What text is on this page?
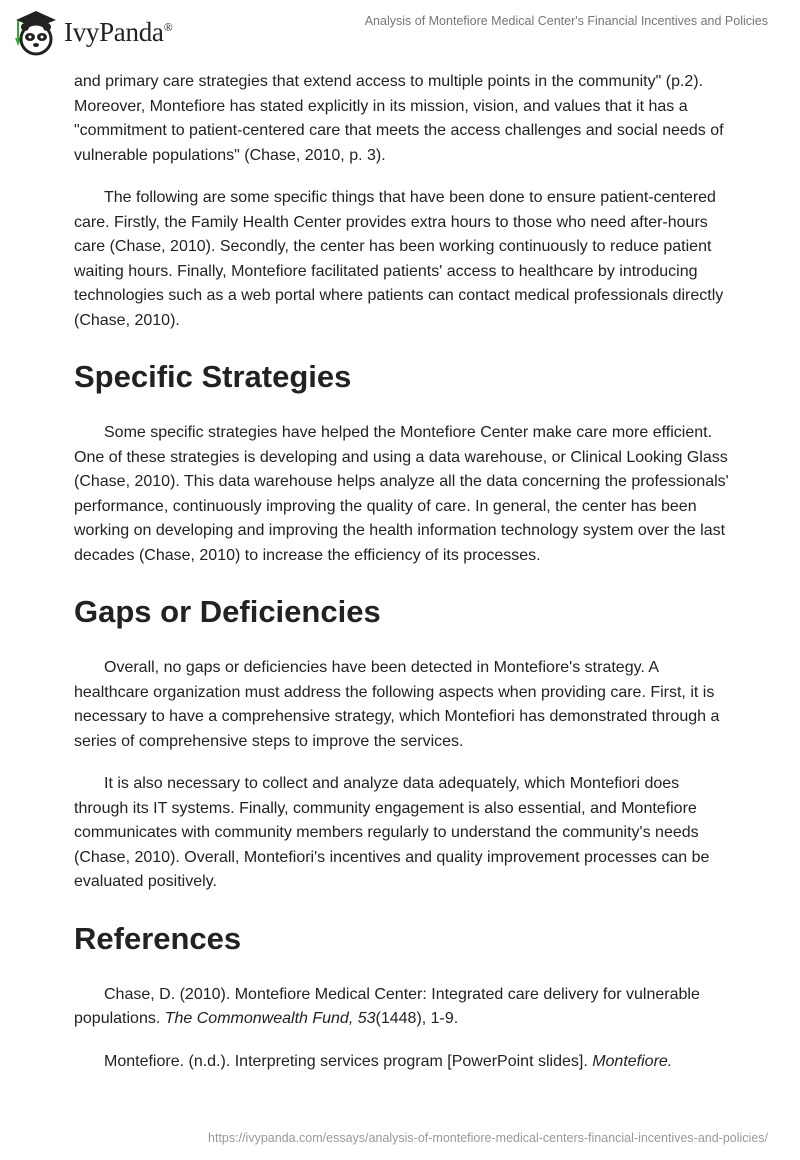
IvyPanda®	Analysis of Montefiore Medical Center's Financial Incentives and Policies

and primary care strategies that extend access to multiple points in the community" (p.2). Moreover, Montefiore has stated explicitly in its mission, vision, and values that it has a "commitment to patient-centered care that meets the access challenges and social needs of vulnerable populations" (Chase, 2010, p. 3).

The following are some specific things that have been done to ensure patient-centered care. Firstly, the Family Health Center provides extra hours to those who need after-hours care (Chase, 2010). Secondly, the center has been working continuously to reduce patient waiting hours. Finally, Montefiore facilitated patients' access to healthcare by introducing technologies such as a web portal where patients can contact medical professionals directly (Chase, 2010).

Specific Strategies

Some specific strategies have helped the Montefiore Center make care more efficient. One of these strategies is developing and using a data warehouse, or Clinical Looking Glass (Chase, 2010). This data warehouse helps analyze all the data concerning the professionals' performance, continuously improving the quality of care. In general, the center has been working on developing and improving the health information technology system over the last decades (Chase, 2010) to increase the efficiency of its processes.

Gaps or Deficiencies

Overall, no gaps or deficiencies have been detected in Montefiore's strategy. A healthcare organization must address the following aspects when providing care. First, it is necessary to have a comprehensive strategy, which Montefiori has demonstrated through a series of comprehensive steps to improve the services.

It is also necessary to collect and analyze data adequately, which Montefiori does through its IT systems. Finally, community engagement is also essential, and Montefiore communicates with community members regularly to understand the community's needs (Chase, 2010). Overall, Montefiori's incentives and quality improvement processes can be evaluated positively.

References

Chase, D. (2010). Montefiore Medical Center: Integrated care delivery for vulnerable populations. The Commonwealth Fund, 53(1448), 1-9.

Montefiore. (n.d.). Interpreting services program [PowerPoint slides]. Montefiore.

https://ivypanda.com/essays/analysis-of-montefiore-medical-centers-financial-incentives-and-policies/
